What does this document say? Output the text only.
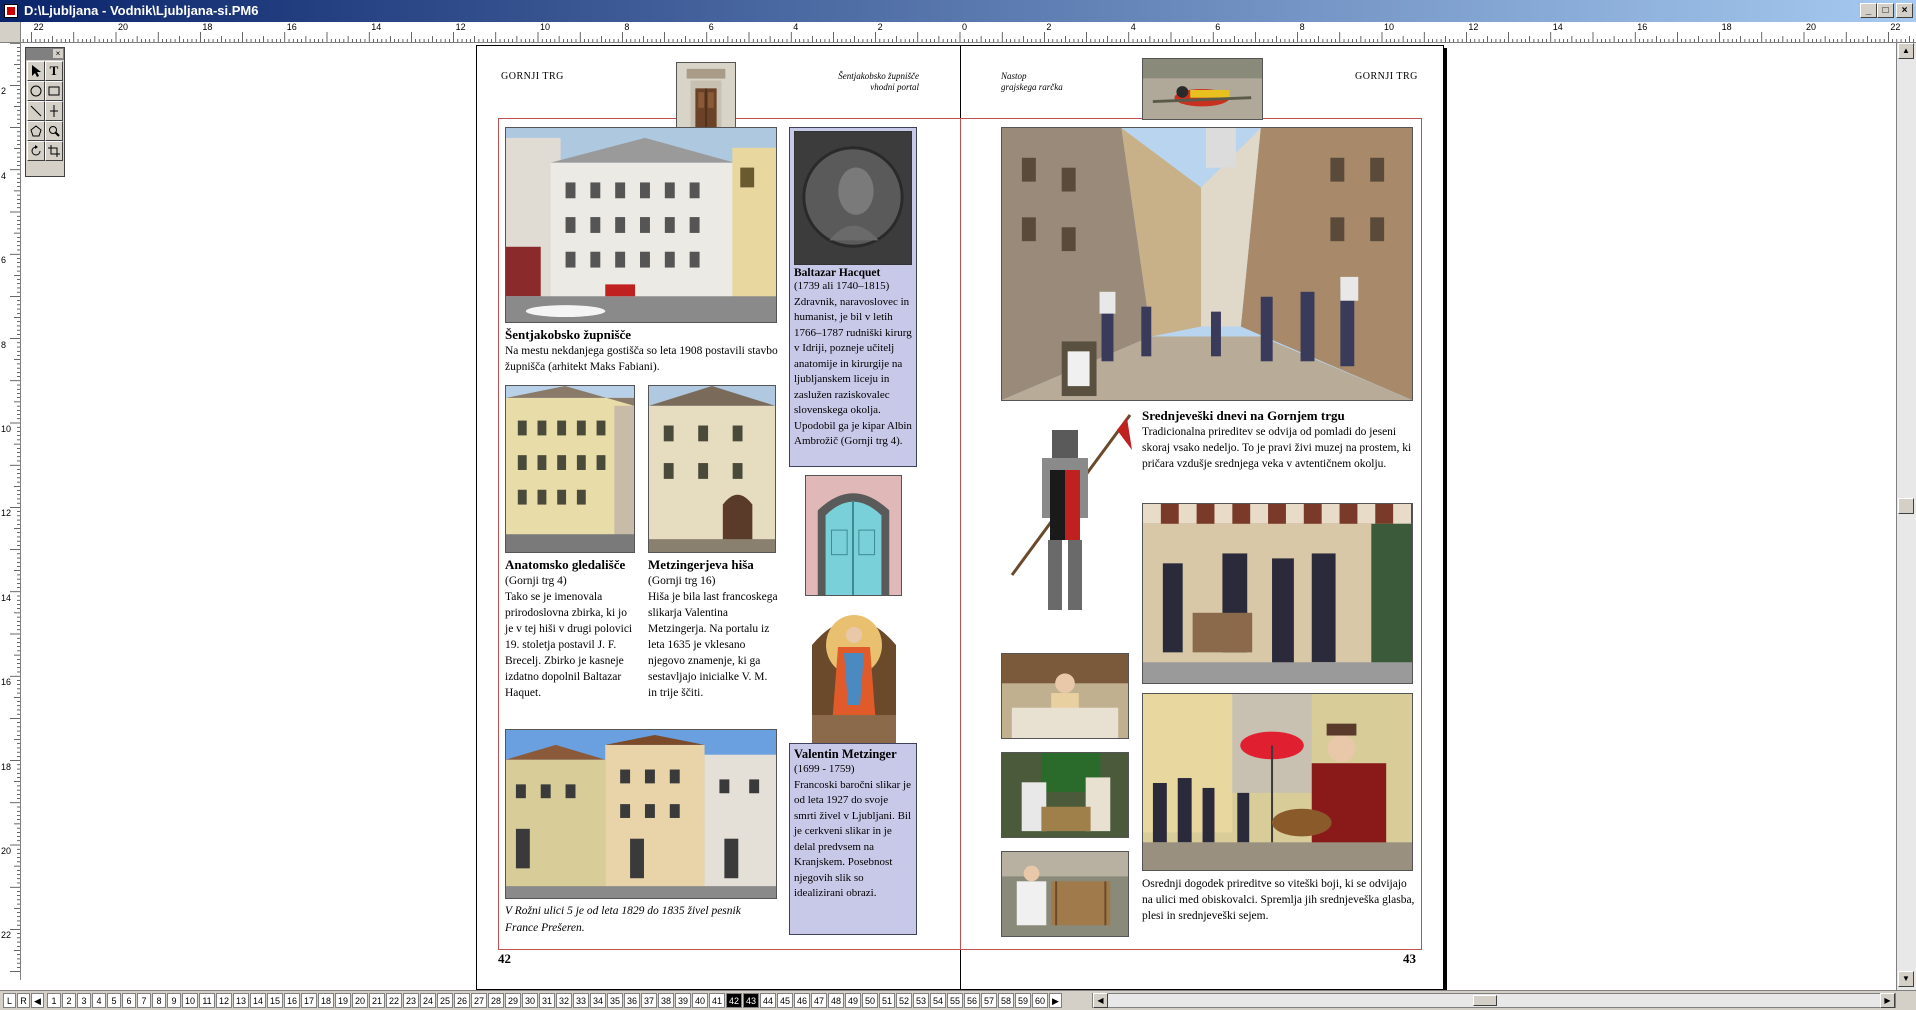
D:\Ljubljana - Vodnik\Ljubljana-si.PM6	_	□	×
22	20	18	16	14	12	10	8	6	4	2	0	2	4	6	8	10	12	14	16	18	20	22
2
4
6
8
10
12
14
16
18
20
22
×
T	GORNJI TRG	Šentjakobsko župnišče
vhodni portal
Šentjakobsko župnišče
Na mestu nekdanjega gostišča so leta 1908 postavili stavbo župnišča (arhitekt Maks Fabiani).
Baltazar Hacquet
(1739 ali 1740–1815)
Zdravnik, naravoslovec in humanist, je bil v letih 1766–1787 rudniški kirurg v Idriji, pozneje učitelj anatomije in kirurgije na ljubljanskem liceju in zaslužen raziskovalec slovenskega okolja. Upodobil ga je kipar Albin Ambrožič (Gornji trg 4).
Anatomsko gledališče
(Gornji trg 4)
Tako se je imenovala prirodoslovna zbirka, ki jo je v tej hiši v drugi polovici 19. stoletja postavil J. F. Brecelj. Zbirko je kasneje izdatno dopolnil Baltazar Haquet.
Metzingerjeva hiša
(Gornji trg 16)
Hiša je bila last francoskega slikarja Valentina Metzingerja. Na portalu iz leta 1635 je vklesano njegovo znamenje, ki ga sestavljajo inicialke V. M. in trije ščiti.
Valentin Metzinger
(1699 - 1759)
Francoski baročni slikar je od leta 1927 do svoje smrti živel v Ljubljani. Bil je cerkveni slikar in je delal predvsem na Kranjskem. Posebnost njegovih slik so idealizirani obrazi.
V Rožni ulici 5 je od leta 1829 do 1835 živel pesnik France Prešeren.
42
Nastop
grajskega rarčka
GORNJI TRG
Srednjeveški dnevi na Gornjem trgu
Tradicionalna prireditev se odvija od pomladi do jeseni skoraj vsako nedeljo. To je pravi živi muzej na prostem, ki pričara vzdušje srednjega veka v avtentičnem okolju.
Osrednji dogodek prireditve so viteški boji, ki se odvijajo na ulici med obiskovalci. Spremlja jih srednjeveška glasba, plesi in srednjeveški sejem.
43
▲
▼
L R ◀	1	2	3	4	5	6	7	8	9 10 11 12 13 14 15 16 17 18 19 20 21 22 23 24 25 26 27 28 29 30 31 32 33 34 35 36 37 38 39 40 41 42 43 44 45 46 47 48 49 50 51 52 53 54 55 56 57 58 59 60 ▶	◀	▶
